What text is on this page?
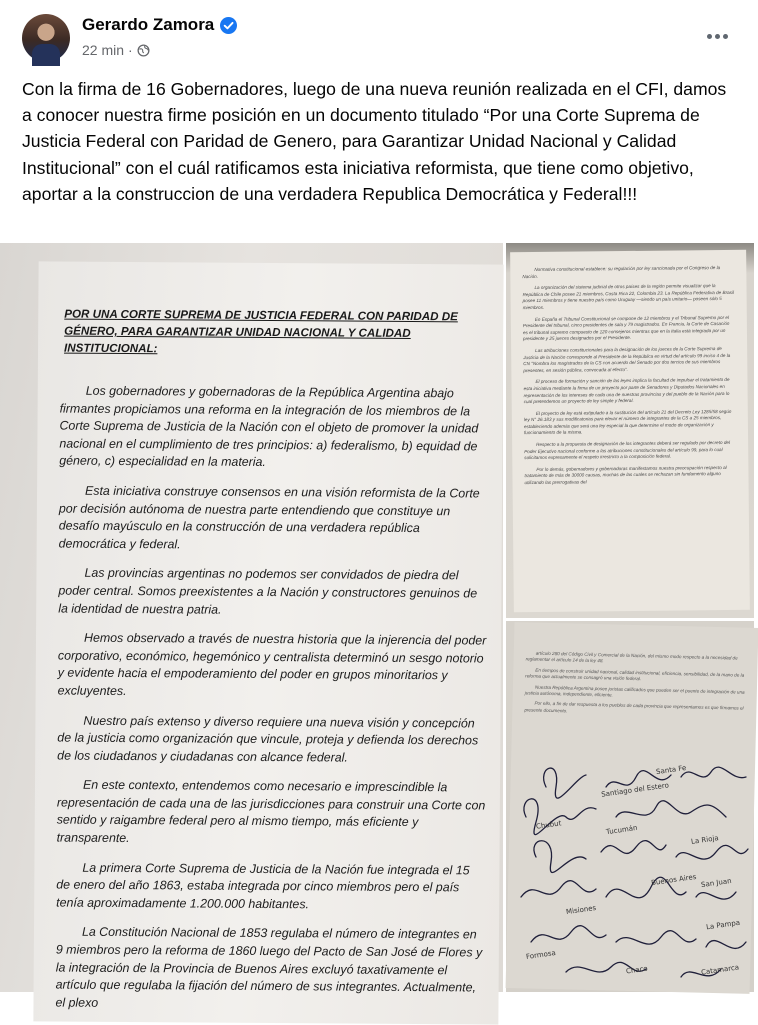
Gerardo Zamora
22 min ·
Con la firma de 16 Gobernadores, luego de una nueva reunión realizada en el CFI, damos a conocer nuestra firme posición en un documento titulado “Por una Corte Suprema de Justicia Federal con Paridad de Genero, para Garantizar Unidad Nacional y Calidad Institucional” con el cuál ratificamos esta iniciativa reformista, que tiene como objetivo, aportar a la construccion de una verdadera Republica Democrática y Federal!!!
POR UNA CORTE SUPREMA DE JUSTICIA FEDERAL CON PARIDAD DE GÉNERO, PARA GARANTIZAR UNIDAD NACIONAL Y CALIDAD INSTITUCIONAL:
Los gobernadores y gobernadoras de la República Argentina abajo firmantes propiciamos una reforma en la integración de los miembros de la Corte Suprema de Justicia de la Nación con el objeto de promover la unidad nacional en el cumplimiento de tres principios: a) federalismo, b) equidad de género, c) especialidad en la materia.
Esta iniciativa construye consensos en una visión reformista de la Corte por decisión autónoma de nuestra parte entendiendo que constituye un desafío mayúsculo en la construcción de una verdadera república democrática y federal.
Las provincias argentinas no podemos ser convidados de piedra del poder central. Somos preexistentes a la Nación y constructores genuinos de la identidad de nuestra patria.
Hemos observado a través de nuestra historia que la injerencia del poder corporativo, económico, hegemónico y centralista determinó un sesgo notorio y evidente hacia el empoderamiento del poder en grupos minoritarios y excluyentes.
Nuestro país extenso y diverso requiere una nueva visión y concepción de la justicia como organización que vincule, proteja y defienda los derechos de los ciudadanos y ciudadanas con alcance federal.
En este contexto, entendemos como necesario e imprescindible la representación de cada una de las jurisdicciones para construir una Corte con sentido y raigambre federal pero al mismo tiempo, más eficiente y transparente.
La primera Corte Suprema de Justicia de la Nación fue integrada el 15 de enero del año 1863, estaba integrada por cinco miembros pero el país tenía aproximadamente 1.200.000 habitantes.
La Constitución Nacional de 1853 regulaba el número de integrantes en 9 miembros pero la reforma de 1860 luego del Pacto de San José de Flores y la integración de la Provincia de Buenos Aires excluyó taxativamente el artículo que regulaba la fijación del número de sus integrantes. Actualmente, el plexo
Normativa constitucional establece: su regulación por ley sancionada por el Congreso de la Nación.
La organización del sistema judicial de otros países de la región permite visualizar que la República de Chile posee 21 miembros, Costa Rica 22, Colombia 23. La República Federativa de Brasil posee 11 miembros y tiene nuestro país como Uruguay —siendo un país unitario— poseen sólo 5 miembros.
En España el Tribunal Constitucional se compone de 12 miembros y el Tribunal Supremo por el Presidente del tribunal, cinco presidentes de sala y 79 magistrados. En Francia, la Corte de Casación es el tribunal supremo compuesto de 120 consejeros mientras que en la Italia está integrada por un presidente y 25 jueces designados por el Presidente.
Las atribuciones constitucionales para la designación de los jueces de la Corte Suprema de Justicia de la Nación corresponde al Presidente de la República en virtud del artículo 99 inciso 4 de la CN "Nombra los magistrados de la CS con acuerdo del Senado por dos tercios de sus miembros presentes, en sesión pública, convocada al efecto".
El proceso de formación y sanción de las leyes implica la facultad de impulsar el tratamiento de esta iniciativa mediante la firma de un proyecto por parte de Senadores y Diputados Nacionales en representación de los intereses de cada una de nuestras provincias y del pueblo de la Nación para lo cual pretendemos un proyecto de ley simple y federal.
El proyecto de ley está estipulado a la sustitución del artículo 21 del Decreto Ley 1285/58 según ley N° 26.183 y sus modificatorias para elevar el número de integrantes de la CS a 25 miembros, estableciendo además que será una ley especial la que determine el modo de organización y funcionamiento de la misma.
Respecto a la propuesta de designación de los integrantes deberá ser regulado por decreto del Poder Ejecutivo nacional conforme a las atribuciones constitucionales del artículo 99, para lo cual solicitamos expresamente el respeto irrestricto a la composición federal.
Por lo demás, gobernadores y gobernadoras manifestamos nuestra preocupación respecto al tratamiento de más de 30000 causas, muchas de las cuales se rechazan sin fundamento alguno utilizando las prerrogativas del
artículo 280 del Código Civil y Comercial de la Nación, del mismo modo respecto a la necesidad de reglamentar el artículo 14 de la ley 48.
En tiempos de construir unidad nacional, calidad institucional, eficiencia, sensibilidad, de la mano de la reforma que actualmente se consagró una visión federal.
Nuestra República Argentina posee juristas calificados que pueden ser el puente de integración de una justicia autónoma, independiente, eficiente.
Por ello, a fin de dar respuesta a los pueblos de cada provincia que representamos es que firmamos el presente documento.
Santa Fe
La Pampa
Chubut	Tucumán
Formosa
Buenos Aires San Juan
La Rioja
Chaco	Catamarca
Misiones
Santiago del Estero
